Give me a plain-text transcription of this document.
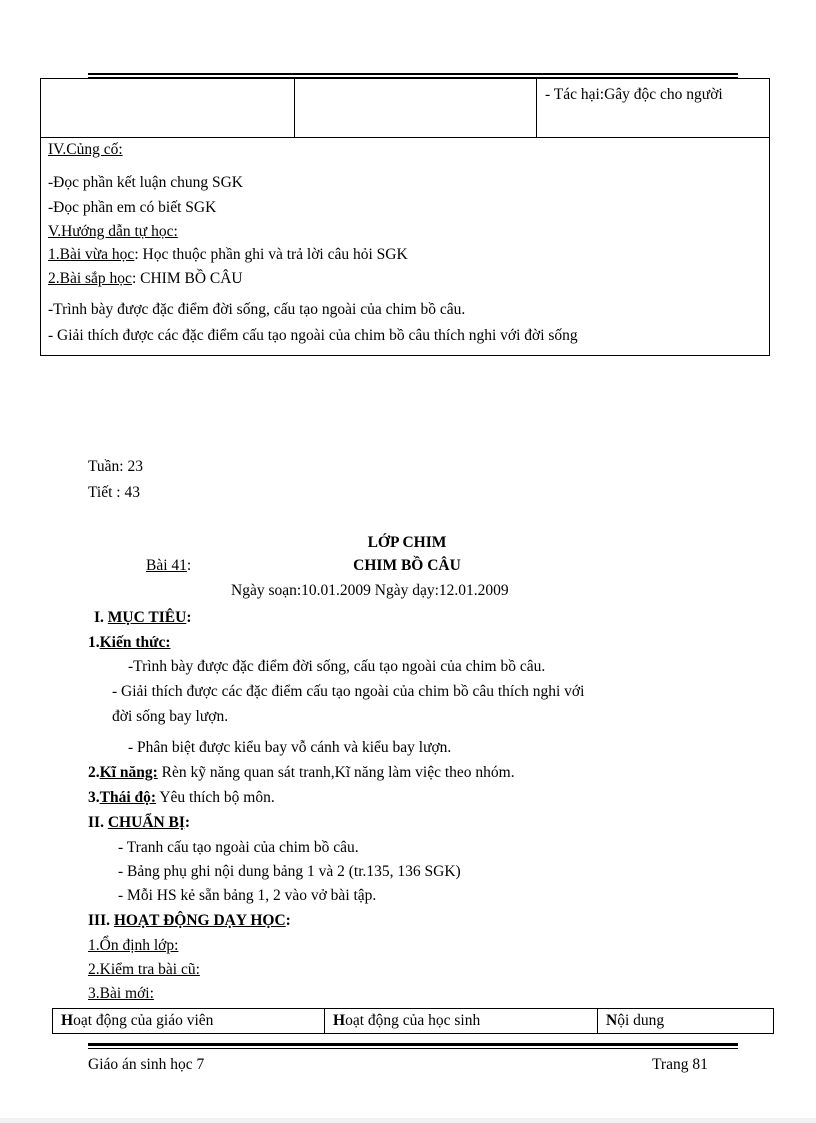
		- Tác hại:Gây độc cho người
IV.Củng cố:
-Đọc phần kết luận chung SGK
-Đọc phần em có biết SGK
V.Hướng dẫn tự học:
1.Bài vừa học: Học thuộc phần ghi và trả lời câu hỏi SGK
2.Bài sắp học: CHIM BỒ CÂU
-Trình bày được đặc điểm đời sống, cấu tạo ngoài của chim bồ câu.
- Giải thích được các đặc điểm cấu tạo ngoài của chim bồ câu thích nghi với đời sống
Tuần: 23
Tiết : 43
LỚP CHIM
Bài 41:	CHIM BỒ CÂU
Ngày soạn:10.01.2009 Ngày dạy:12.01.2009
I. MỤC TIÊU:
1.Kiến thức:
-Trình bày được đặc điểm đời sống, cấu tạo ngoài của chim bồ câu.
- Giải thích được các đặc điểm cấu tạo ngoài của chim bồ câu thích nghi với
đời sống bay lượn.
- Phân biệt được kiểu bay vỗ cánh và kiểu bay lượn.
2.Kĩ năng: Rèn kỹ năng quan sát tranh,Kĩ năng làm việc theo nhóm.
3.Thái độ: Yêu thích bộ môn.
II. CHUẨN BỊ:
- Tranh cấu tạo ngoài của chim bồ câu.
- Bảng phụ ghi nội dung bảng 1 và 2 (tr.135, 136 SGK)
- Mỗi HS kẻ sẵn bảng 1, 2 vào vở bài tập.
III. HOẠT ĐỘNG DẠY HỌC:
1.Ổn định lớp:
2.Kiểm tra bài cũ:
3.Bài mới:
Hoạt động của giáo viên	Hoạt động của học sinh	Nội dung
Giáo án sinh học 7	Trang 81
